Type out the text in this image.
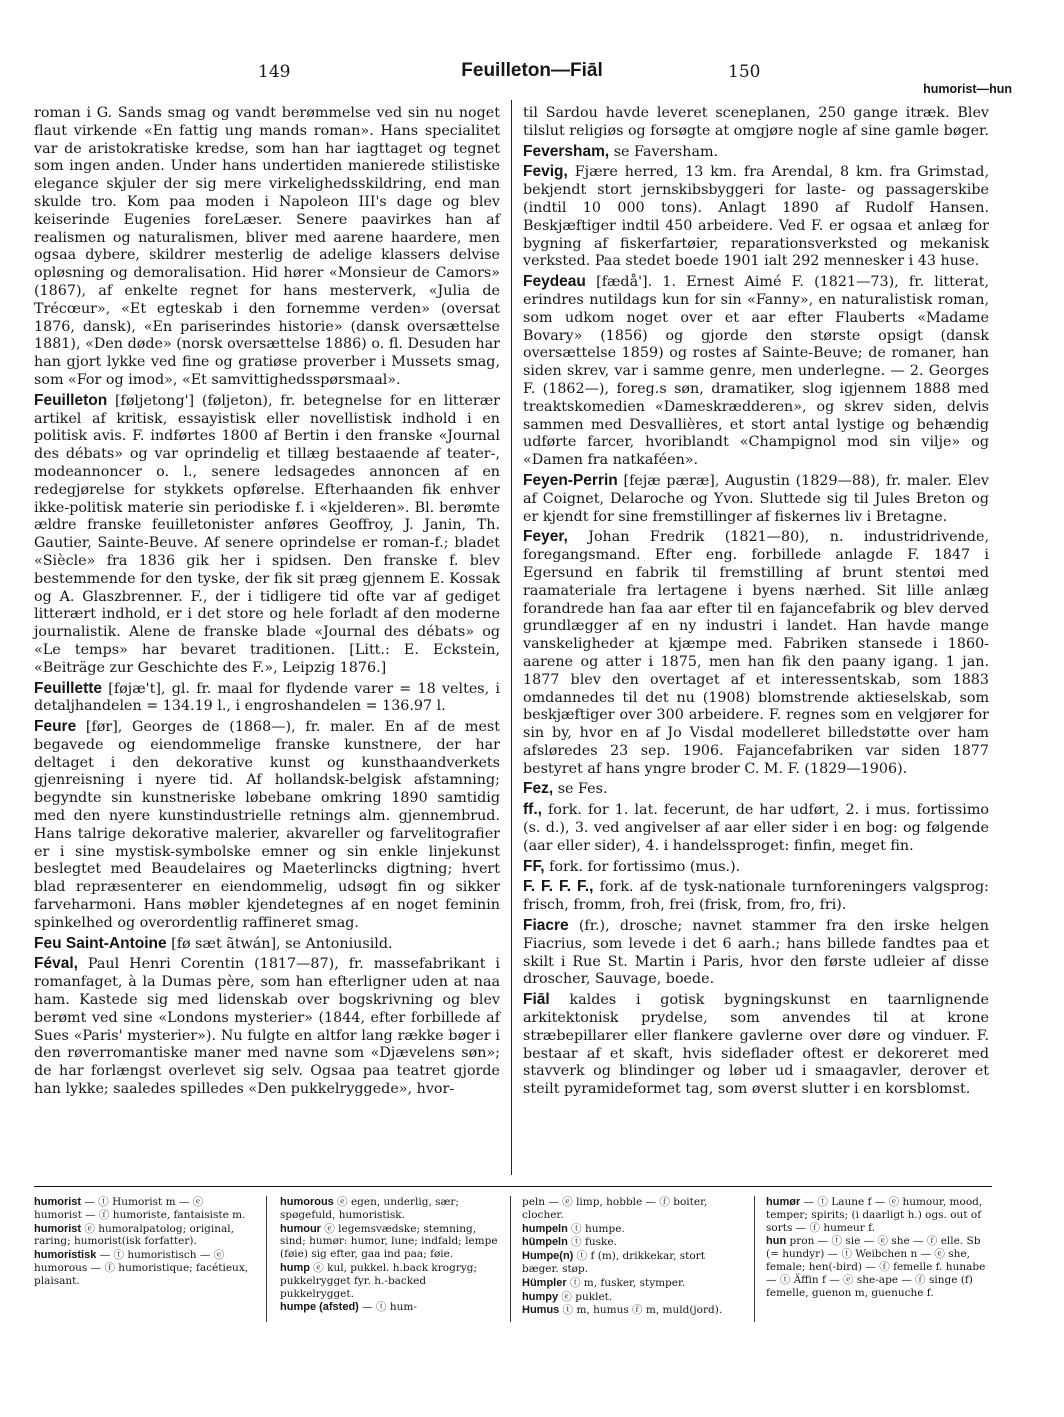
149	Feuilleton—Fiāl	150
humorist—hun

roman i G. Sands smag og vandt berømmelse ved sin nu noget flaut virkende «En fattig ung mands roman». Hans specialitet var de aristokratiske kredse, som han har iagttaget og tegnet som ingen anden. Under hans undertiden manierede stilistiske elegance skjuler der sig mere virkelighedsskildring, end man skulde tro. Kom paa moden i Napoleon III's dage og blev keiserinde Eugenies foreLæser. Senere paavirkes han af realismen og naturalismen, bliver med aarene haardere, men ogsaa dybere, skildrer mesterlig de adelige klassers delvise opløsning og demoralisation. Hid hører «Monsieur de Camors» (1867), af enkelte regnet for hans mesterverk, «Julia de Trécœur», «Et egteskab i den fornemme verden» (oversat 1876, dansk), «En pariserindes historie» (dansk oversættelse 1881), «Den døde» (norsk oversættelse 1886) o. fl. Desuden har han gjort lykke ved fine og gratiøse proverber i Mussets smag, som «For og imod», «Et samvittighedsspørsmaal».

Feuilleton [føljetong'] (føljeton), fr. betegnelse for en litterær artikel af kritisk, essayistisk eller novellistisk indhold i en politisk avis. F. indførtes 1800 af Bertin i den franske «Journal des débats» og var oprindelig et tillæg bestaaende af teater-, modeannoncer o. l., senere ledsagedes annoncen af en redegjørelse for stykkets opførelse. Efterhaanden fik enhver ikke-politisk materie sin periodiske f. i «kjelderen». Bl. berømte ældre franske feuilletonister anføres Geoffroy, J. Janin, Th. Gautier, Sainte-Beuve. Af senere oprindelse er roman-f.; bladet «Siècle» fra 1836 gik her i spidsen. Den franske f. blev bestemmende for den tyske, der fik sit præg gjennem E. Kossak og A. Glaszbrenner. F., der i tidligere tid ofte var af gediget litterært indhold, er i det store og hele forladt af den moderne journalistik. Alene de franske blade «Journal des débats» og «Le temps» har bevaret traditionen. [Litt.: E. Eckstein, «Beiträge zur Geschichte des F.», Leipzig 1876.]

Feuillette [føjæ't], gl. fr. maal for flydende varer = 18 veltes, i detaljhandelen = 134.19 l., i engroshandelen = 136.97 l.

Feure [før], Georges de (1868—), fr. maler. En af de mest begavede og eiendommelige franske kunstnere, der har deltaget i den dekorative kunst og kunsthaandverkets gjenreisning i nyere tid. Af hollandsk-belgisk afstamning; begyndte sin kunstneriske løbebane omkring 1890 samtidig med den nyere kunstindustrielle retnings alm. gjennembrud. Hans talrige dekorative malerier, akvareller og farvelitografier er i sine mystisk-symbolske emner og sin enkle linjekunst beslegtet med Beaudelaires og Maeterlincks digtning; hvert blad repræsenterer en eiendommelig, udsøgt fin og sikker farveharmoni. Hans møbler kjendetegnes af en noget feminin spinkelhed og overordentlig raffineret smag.

Feu Saint-Antoine [fø sæt ãtwán], se Antoniusild.

Féval, Paul Henri Corentin (1817—87), fr. massefabrikant i romanfaget, à la Dumas père, som han efterligner uden at naa ham. Kastede sig med lidenskab over bogskrivning og blev berømt ved sine «Londons mysterier» (1844, efter forbillede af Sues «Paris' mysterier»). Nu fulgte en altfor lang række bøger i den røverromantiske maner med navne som «Djævelens søn»; de har forlængst overlevet sig selv. Ogsaa paa teatret gjorde han lykke; saaledes spilledes «Den pukkelryggede», hvor-

til Sardou havde leveret sceneplanen, 250 gange itræk. Blev tilslut religiøs og forsøgte at omgjøre nogle af sine gamle bøger.

Feversham, se Faversham.

Fevig, Fjære herred, 13 km. fra Arendal, 8 km. fra Grimstad, bekjendt stort jernskibsbyggeri for laste- og passagerskibe (indtil 10 000 tons). Anlagt 1890 af Rudolf Hansen. Beskjæftiger indtil 450 arbeidere. Ved F. er ogsaa et anlæg for bygning af fiskerfartøier, reparationsverksted og mekanisk verksted. Paa stedet boede 1901 ialt 292 mennesker i 43 huse.

Feydeau [fædå']. 1. Ernest Aimé F. (1821—73), fr. litterat, erindres nutildags kun for sin «Fanny», en naturalistisk roman, som udkom noget over et aar efter Flauberts «Madame Bovary» (1856) og gjorde den største opsigt (dansk oversættelse 1859) og rostes af Sainte-Beuve; de romaner, han siden skrev, var i samme genre, men underlegne. — 2. Georges F. (1862—), foreg.s søn, dramatiker, slog igjennem 1888 med treaktskomedien «Dameskrædderen», og skrev siden, delvis sammen med Desvallières, et stort antal lystige og behændig udførte farcer, hvoriblandt «Champignol mod sin vilje» og «Damen fra natkaféen».

Feyen-Perrin [fejæ pæræ], Augustin (1829—88), fr. maler. Elev af Coignet, Delaroche og Yvon. Sluttede sig til Jules Breton og er kjendt for sine fremstillinger af fiskernes liv i Bretagne.

Feyer, Johan Fredrik (1821—80), n. industridrivende, foregangsmand. Efter eng. forbillede anlagde F. 1847 i Egersund en fabrik til fremstilling af brunt stentøi med raamateriale fra lertagene i byens nærhed. Sit lille anlæg forandrede han faa aar efter til en fajancefabrik og blev derved grundlægger af en ny industri i landet. Han havde mange vanskeligheder at kjæmpe med. Fabriken stansede i 1860-aarene og atter i 1875, men han fik den paany igang. 1 jan. 1877 blev den overtaget af et interessentskab, som 1883 omdannedes til det nu (1908) blomstrende aktieselskab, som beskjæftiger over 300 arbeidere. F. regnes som en velgjører for sin by, hvor en af Jo Visdal modelleret billedstøtte over ham afsløredes 23 sep. 1906. Fajancefabriken var siden 1877 bestyret af hans yngre broder C. M. F. (1829—1906).

Fez, se Fes.

ff., fork. for 1. lat. fecerunt, de har udført, 2. i mus. fortissimo (s. d.), 3. ved angivelser af aar eller sider i en bog: og følgende (aar eller sider), 4. i handelssproget: finfin, meget fin.

FF, fork. for fortissimo (mus.).

F. F. F. F., fork. af de tysk-nationale turnforeningers valgsprog: frisch, fromm, froh, frei (frisk, from, fro, fri).

Fiacre (fr.), drosche; navnet stammer fra den irske helgen Fiacrius, som levede i det 6 aarh.; hans billede fandtes paa et skilt i Rue St. Martin i Paris, hvor den første udleier af disse droscher, Sauvage, boede.

Fiāl kaldes i gotisk bygningskunst en taarnlignende arkitektonisk prydelse, som anvendes til at krone stræbepillarer eller flankere gavlerne over døre og vinduer. F. bestaar af et skaft, hvis sideflader oftest er dekoreret med stavverk og blindinger og løber ud i smaagavler, derover et steilt pyramideformet tag, som øverst slutter i en korsblomst.

humorist — ⓣ Humorist m — ⓔ humorist — ⓕ humoriste, fantaisiste m.

humorist ⓔ humoralpatolog; original, raring; humorist(isk forfatter).

humoristisk — ⓣ humoristisch — ⓔ humorous — ⓕ humoristique; facétieux, plaisant.

humorous ⓔ egen, underlig, sær; spøgefuld, humoristisk.

humour ⓔ legemsvædske; stemning, sind; humør: humor, lune; indfald; lempe (føie) sig efter, gaa ind paa; føie.

hump ⓔ kul, pukkel. h.back krogryg; pukkelrygget fyr. h.-backed pukkelrygget.

humpe (afsted) — ⓣ hum-

peln — ⓔ limp, hobble — ⓕ boiter, clocher.

humpeln ⓣ humpe.

hümpeln ⓣ fuske.

Humpe(n) ⓣ f (m), drikkekar, stort bæger. støp.

Hümpler ⓣ m, fusker, stymper.

humpy ⓔ puklet.

Humus ⓣ m, humus ⓕ m, muld(jord).

humør — ⓣ Laune f — ⓔ humour, mood, temper; spirits; (i daarligt h.) ogs. out of sorts — ⓕ humeur f.

hun pron — ⓣ sie — ⓔ she — ⓕ elle. Sb (= hundyr) — ⓣ Weibchen n — ⓔ she, female; hen(-bird) — ⓕ femelle f. hunabe — ⓣ Äffin f — ⓔ she-ape — ⓕ singe (f) femelle, guenon m, guenuche f.
